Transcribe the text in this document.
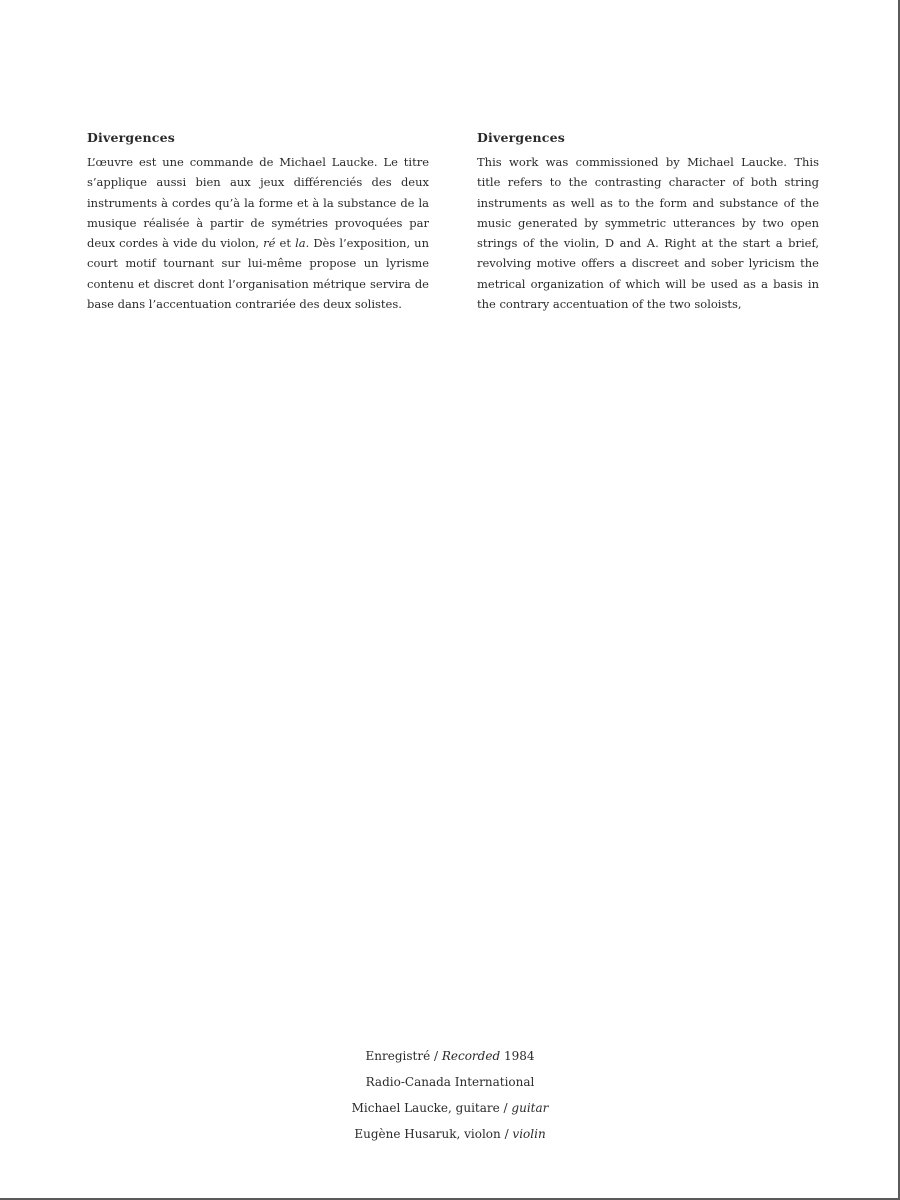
Divergences

L’œuvre est une commande de Michael Laucke. Le titre s’applique aussi bien aux jeux différenciés des deux instruments à cordes qu’à la forme et à la substance de la musique réalisée à partir de symétries provoquées par deux cordes à vide du violon, ré et la. Dès l’exposition, un court motif tournant sur lui-même propose un lyrisme contenu et discret dont l’organisation métrique servira de base dans l’accentuation contrariée des deux solistes.

Divergences

This work was commissioned by Michael Laucke. This title refers to the contrasting character of both string instruments as well as to the form and substance of the music generated by symmetric utterances by two open strings of the violin, D and A. Right at the start a brief, revolving motive offers a discreet and sober lyricism the metrical organization of which will be used as a basis in the contrary accentuation of the two soloists,

Enregistré / Recorded 1984
Radio-Canada International
Michael Laucke, guitare / guitar
Eugène Husaruk, violon / violin
